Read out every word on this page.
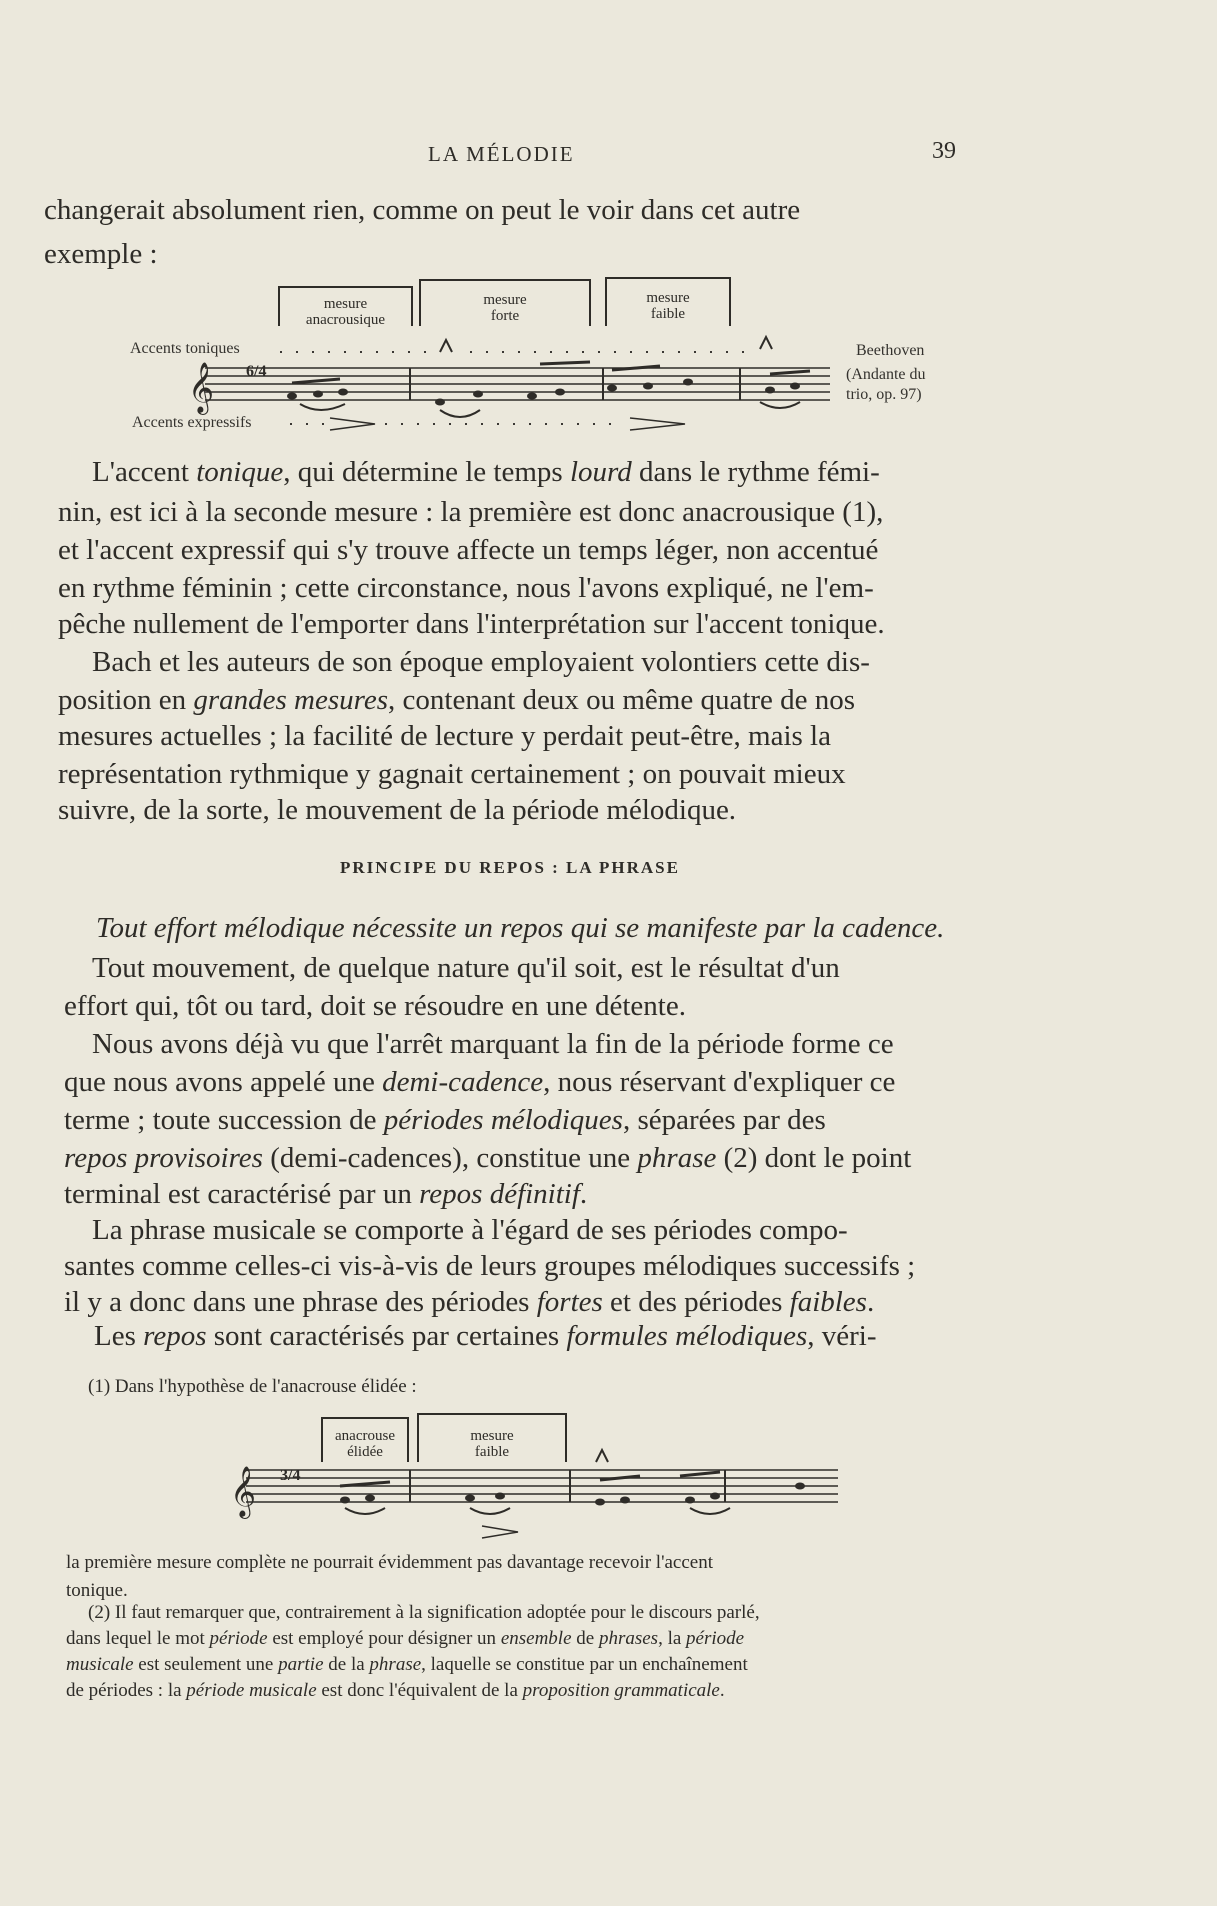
LA MÉLODIE	39
changerait absolument rien, comme on peut le voir dans cet autre
exemple :
𝄞
mesure
anacrousique
mesure
forte
mesure
faible
Accents toniques
Accents expressifs
6/4
Beethoven
(Andante du
trio, op. 97)
L'accent tonique, qui détermine le temps lourd dans le rythme fémi-
nin, est ici à la seconde mesure : la première est donc anacrousique (1),
et l'accent expressif qui s'y trouve affecte un temps léger, non accentué
en rythme féminin ; cette circonstance, nous l'avons expliqué, ne l'em-
pêche nullement de l'emporter dans l'interprétation sur l'accent tonique.
Bach et les auteurs de son époque employaient volontiers cette dis-
position en grandes mesures, contenant deux ou même quatre de nos
mesures actuelles ; la facilité de lecture y perdait peut-être, mais la
représentation rythmique y gagnait certainement ; on pouvait mieux
suivre, de la sorte, le mouvement de la période mélodique.
PRINCIPE DU REPOS : LA PHRASE
Tout effort mélodique nécessite un repos qui se manifeste par la cadence.
Tout mouvement, de quelque nature qu'il soit, est le résultat d'un
effort qui, tôt ou tard, doit se résoudre en une détente.
Nous avons déjà vu que l'arrêt marquant la fin de la période forme ce
que nous avons appelé une demi-cadence, nous réservant d'expliquer ce
terme ; toute succession de périodes mélodiques, séparées par des
repos provisoires (demi-cadences), constitue une phrase (2) dont le point
terminal est caractérisé par un repos définitif.
La phrase musicale se comporte à l'égard de ses périodes compo-
santes comme celles-ci vis-à-vis de leurs groupes mélodiques successifs ;
il y a donc dans une phrase des périodes fortes et des périodes faibles.
Les repos sont caractérisés par certaines formules mélodiques, véri-
(1) Dans l'hypothèse de l'anacrouse élidée :
𝄞
anacrouse
élidée
mesure
faible
3/4
la première mesure complète ne pourrait évidemment pas davantage recevoir l'accent
tonique.
(2) Il faut remarquer que, contrairement à la signification adoptée pour le discours parlé,
dans lequel le mot période est employé pour désigner un ensemble de phrases, la période
musicale est seulement une partie de la phrase, laquelle se constitue par un enchaînement
de périodes : la période musicale est donc l'équivalent de la proposition grammaticale.
